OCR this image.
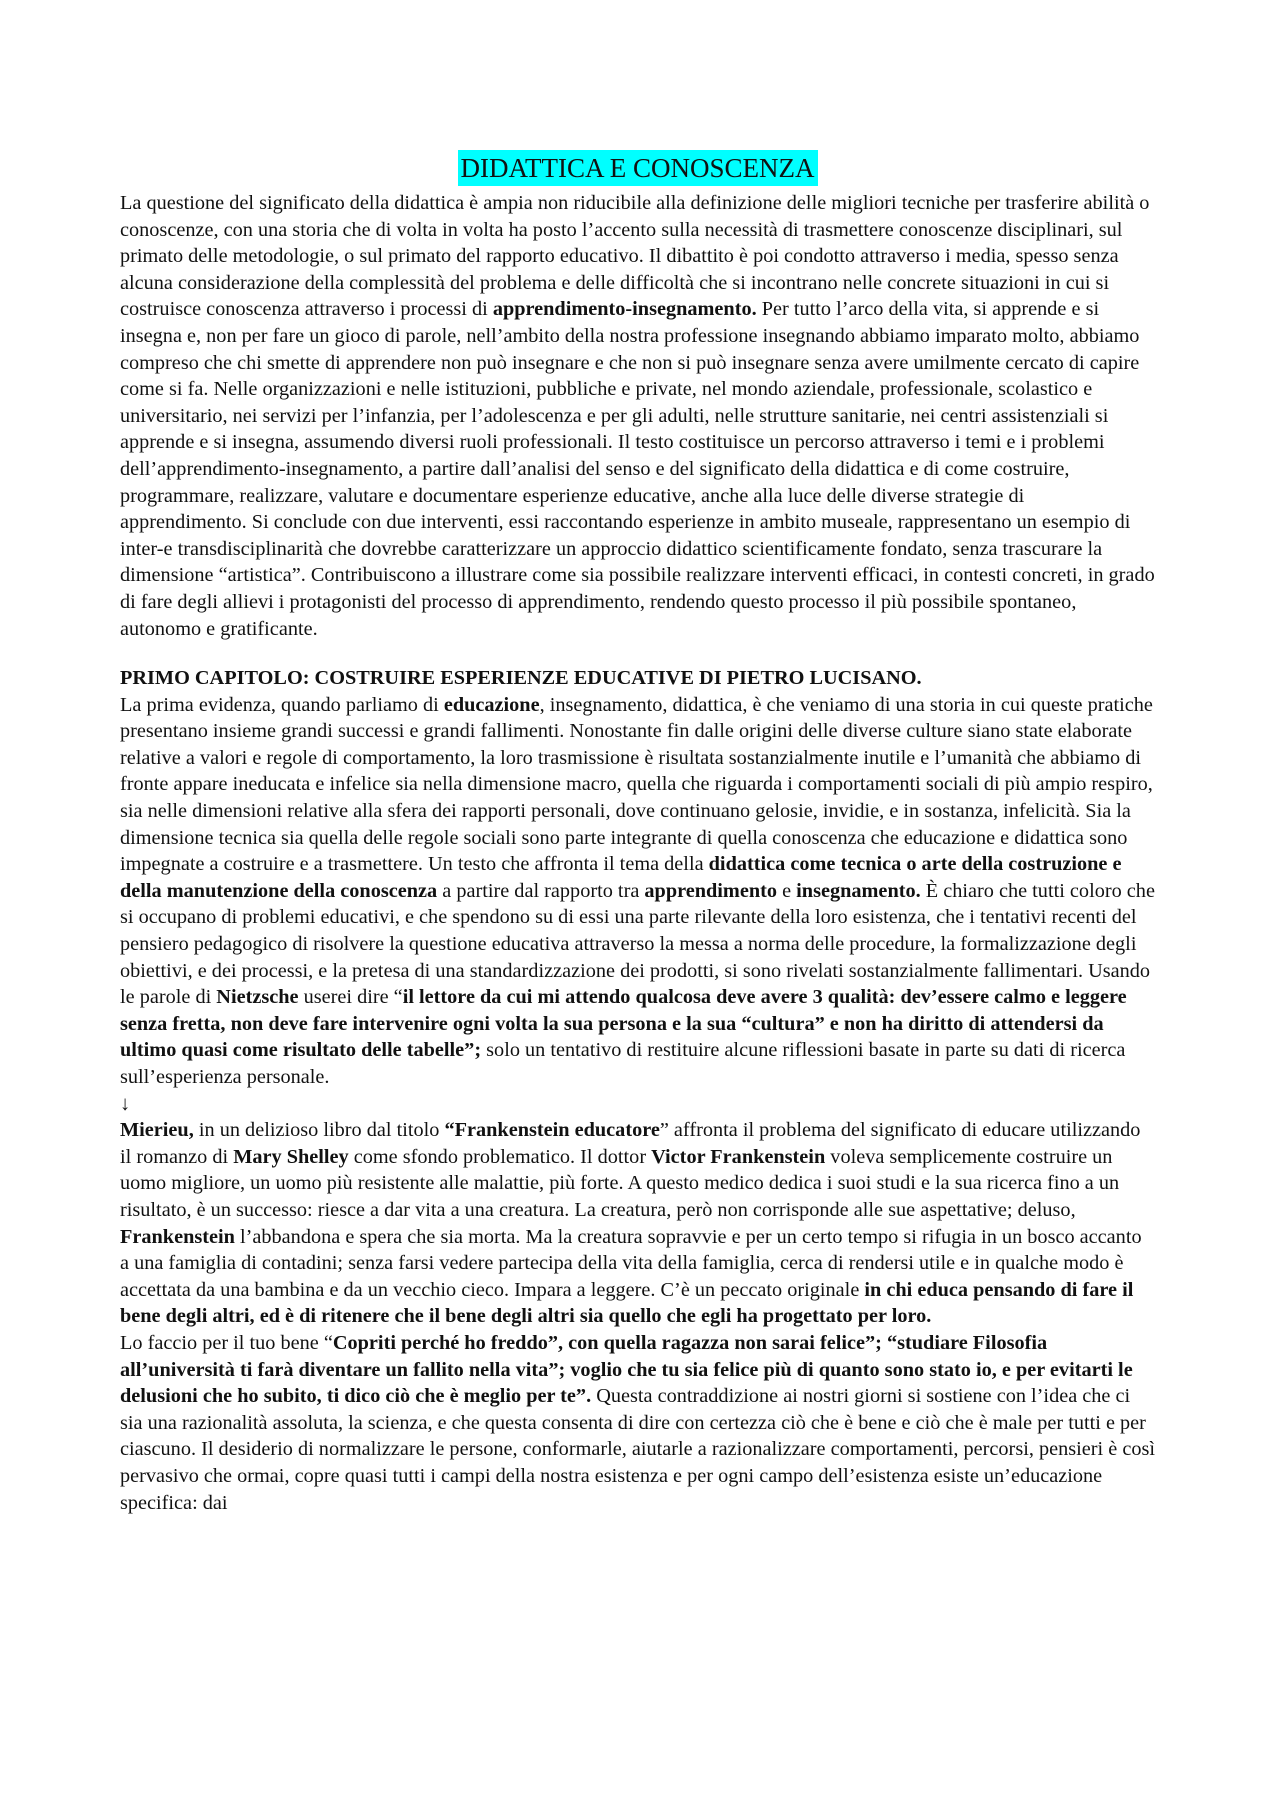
DIDATTICA E CONOSCENZA

La questione del significato della didattica è ampia non riducibile alla definizione delle migliori tecniche per trasferire abilità o conoscenze, con una storia che di volta in volta ha posto l’accento sulla necessità di trasmettere conoscenze disciplinari, sul primato delle metodologie, o sul primato del rapporto educativo. Il dibattito è poi condotto attraverso i media, spesso senza alcuna considerazione della complessità del problema e delle difficoltà che si incontrano nelle concrete situazioni in cui si costruisce conoscenza attraverso i processi di apprendimento-insegnamento. Per tutto l’arco della vita, si apprende e si insegna e, non per fare un gioco di parole, nell’ambito della nostra professione insegnando abbiamo imparato molto, abbiamo compreso che chi smette di apprendere non può insegnare e che non si può insegnare senza avere umilmente cercato di capire come si fa. Nelle organizzazioni e nelle istituzioni, pubbliche e private, nel mondo aziendale, professionale, scolastico e universitario, nei servizi per l’infanzia, per l’adolescenza e per gli adulti, nelle strutture sanitarie, nei centri assistenziali si apprende e si insegna, assumendo diversi ruoli professionali. Il testo costituisce un percorso attraverso i temi e i problemi dell’apprendimento-insegnamento, a partire dall’analisi del senso e del significato della didattica e di come costruire, programmare, realizzare, valutare e documentare esperienze educative, anche alla luce delle diverse strategie di apprendimento. Si conclude con due interventi, essi raccontando esperienze in ambito museale, rappresentano un esempio di inter-e transdisciplinarità che dovrebbe caratterizzare un approccio didattico scientificamente fondato, senza trascurare la dimensione “artistica”. Contribuiscono a illustrare come sia possibile realizzare interventi efficaci, in contesti concreti, in grado di fare degli allievi i protagonisti del processo di apprendimento, rendendo questo processo il più possibile spontaneo, autonomo e gratificante.

PRIMO CAPITOLO: COSTRUIRE ESPERIENZE EDUCATIVE DI PIETRO LUCISANO.

La prima evidenza, quando parliamo di educazione, insegnamento, didattica, è che veniamo di una storia in cui queste pratiche presentano insieme grandi successi e grandi fallimenti. Nonostante fin dalle origini delle diverse culture siano state elaborate relative a valori e regole di comportamento, la loro trasmissione è risultata sostanzialmente inutile e l’umanità che abbiamo di fronte appare ineducata e infelice sia nella dimensione macro, quella che riguarda i comportamenti sociali di più ampio respiro, sia nelle dimensioni relative alla sfera dei rapporti personali, dove continuano gelosie, invidie, e in sostanza, infelicità. Sia la dimensione tecnica sia quella delle regole sociali sono parte integrante di quella conoscenza che educazione e didattica sono impegnate a costruire e a trasmettere. Un testo che affronta il tema della didattica come tecnica o arte della costruzione e della manutenzione della conoscenza a partire dal rapporto tra apprendimento e insegnamento. È chiaro che tutti coloro che si occupano di problemi educativi, e che spendono su di essi una parte rilevante della loro esistenza, che i tentativi recenti del pensiero pedagogico di risolvere la questione educativa attraverso la messa a norma delle procedure, la formalizzazione degli obiettivi, e dei processi, e la pretesa di una standardizzazione dei prodotti, si sono rivelati sostanzialmente fallimentari. Usando le parole di Nietzsche userei dire “il lettore da cui mi attendo qualcosa deve avere 3 qualità: dev’essere calmo e leggere senza fretta, non deve fare intervenire ogni volta la sua persona e la sua “cultura” e non ha diritto di attendersi da ultimo quasi come risultato delle tabelle”; solo un tentativo di restituire alcune riflessioni basate in parte su dati di ricerca sull’esperienza personale.

↓

Mierieu, in un delizioso libro dal titolo “Frankenstein educatore” affronta il problema del significato di educare utilizzando il romanzo di Mary Shelley come sfondo problematico. Il dottor Victor Frankenstein voleva semplicemente costruire un uomo migliore, un uomo più resistente alle malattie, più forte. A questo medico dedica i suoi studi e la sua ricerca fino a un risultato, è un successo: riesce a dar vita a una creatura. La creatura, però non corrisponde alle sue aspettative; deluso, Frankenstein l’abbandona e spera che sia morta. Ma la creatura sopravvie e per un certo tempo si rifugia in un bosco accanto a una famiglia di contadini; senza farsi vedere partecipa della vita della famiglia, cerca di rendersi utile e in qualche modo è accettata da una bambina e da un vecchio cieco. Impara a leggere. C’è un peccato originale in chi educa pensando di fare il bene degli altri, ed è di ritenere che il bene degli altri sia quello che egli ha progettato per loro.

Lo faccio per il tuo bene “Copriti perché ho freddo”, con quella ragazza non sarai felice”; “studiare Filosofia all’università ti farà diventare un fallito nella vita”; voglio che tu sia felice più di quanto sono stato io, e per evitarti le delusioni che ho subito, ti dico ciò che è meglio per te”. Questa contraddizione ai nostri giorni si sostiene con l’idea che ci sia una razionalità assoluta, la scienza, e che questa consenta di dire con certezza ciò che è bene e ciò che è male per tutti e per ciascuno. Il desiderio di normalizzare le persone, conformarle, aiutarle a razionalizzare comportamenti, percorsi, pensieri è così pervasivo che ormai, copre quasi tutti i campi della nostra esistenza e per ogni campo dell’esistenza esiste un’educazione specifica: dai
